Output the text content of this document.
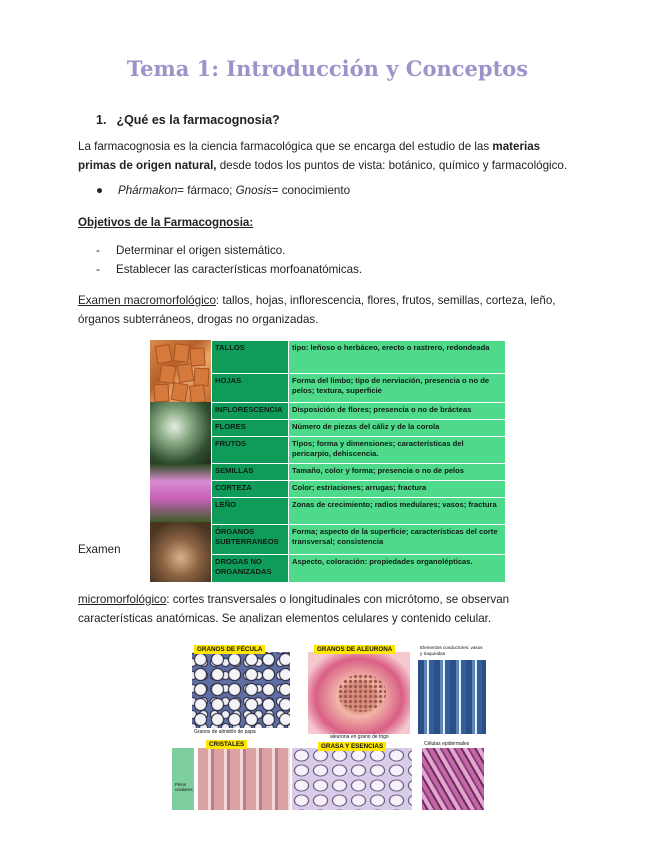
Tema 1: Introducción y Conceptos
1. ¿Qué es la farmacognosia?
La farmacognosia es la ciencia farmacológica que se encarga del estudio de las materias primas de origen natural, desde todos los puntos de vista: botánico, químico y farmacológico.
● Phármakon= fármaco; Gnosis= conocimiento
Objetivos de la Farmacognosia:
- Determinar el origen sistemático.
- Establecer las características morfoanatómicas.
Examen macromorfológico: tallos, hojas, inflorescencia, flores, frutos, semillas, corteza, leño, órganos subterráneos, drogas no organizadas.
TALLOS	tipo: leñoso o herbáceo, erecto o rastrero, redondeada
HOJAS	Forma del limbo; tipo de nerviación, presencia o no de pelos; textura, superficie
INFLORESCENCIA	Disposición de flores; presencia o no de brácteas
FLORES	Número de piezas del cáliz y de la corola
FRUTOS	Tipos; forma y dimensiones; características del pericarpio, dehiscencia.
SEMILLAS	Tamaño, color y forma; presencia o no de pelos
CORTEZA	Color; estriaciones; arrugas; fractura
LEÑO	Zonas de crecimiento; radios medulares; vasos; fractura
ÓRGANOS SUBTERRANEOS	Forma; aspecto de la superficie; características del corte transversal; consistencia
DROGAS NO ORGANIZADAS	Aspecto, coloración: propiedades organolépticas.
Examen
micromorfológico: cortes transversales o longitudinales con micrótomo, se observan características anatómicas. Se analizan elementos celulares y contenido celular.
GRANOS DE FÉCULA	GRANOS DE ALEURONA
CRISTALES	GRASA Y ESENCIAS
Granos de almidón de papa
aleurona en grano de trigo
Células epidermales
Elementos conductores: vasos y traqueidas
Pelos celulares
